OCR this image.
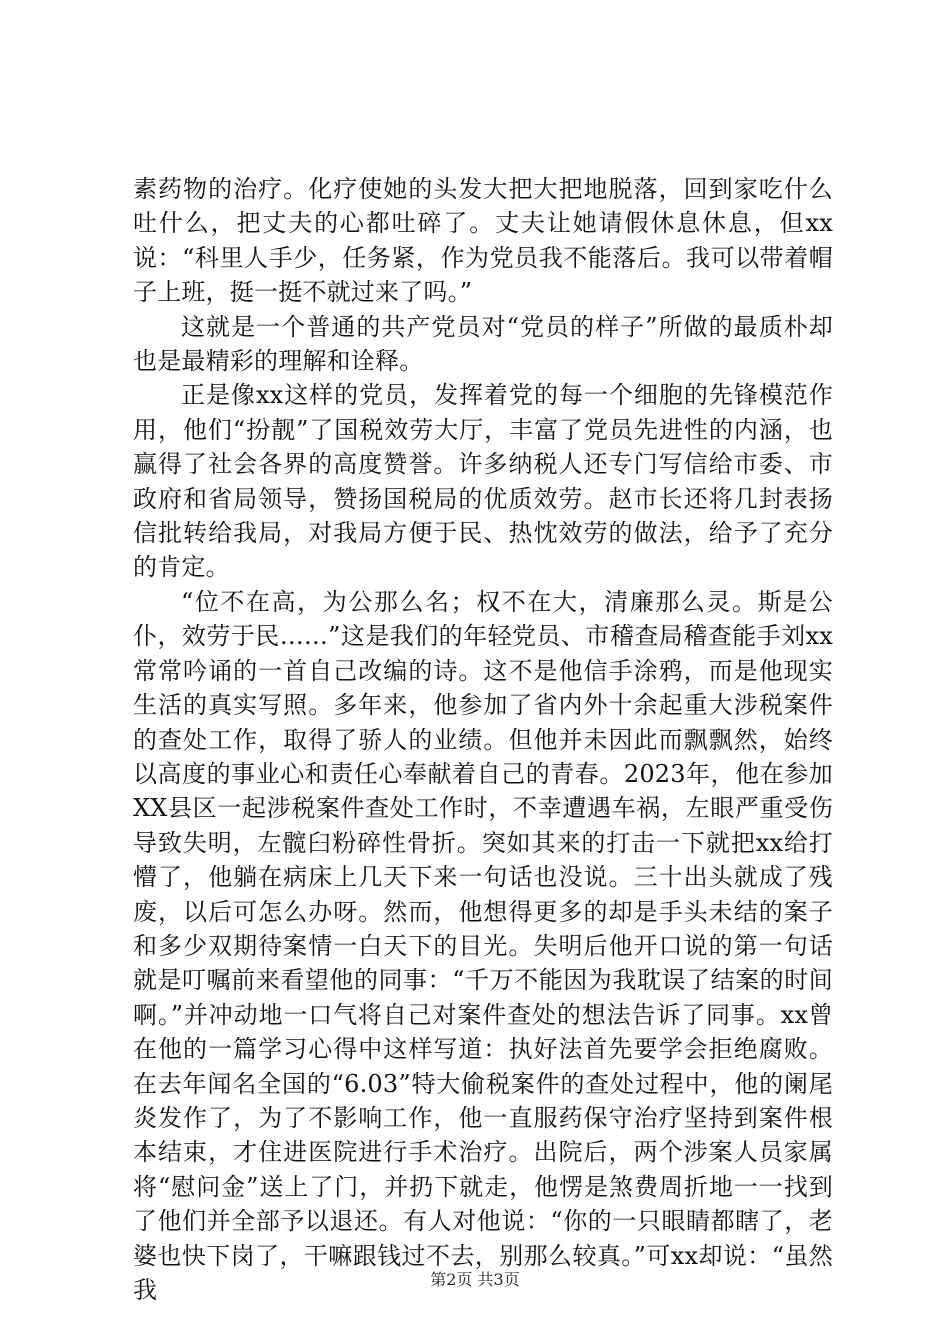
素药物的治疗。化疗使她的头发大把大把地脱落，回到家吃什么吐什么，把丈夫的心都吐碎了。丈夫让她请假休息休息，但xx说：“科里人手少，任务紧，作为党员我不能落后。我可以带着帽子上班，挺一挺不就过来了吗。”

这就是一个普通的共产党员对“党员的样子”所做的最质朴却也是最精彩的理解和诠释。

正是像xx这样的党员，发挥着党的每一个细胞的先锋模范作用，他们“扮靓”了国税效劳大厅，丰富了党员先进性的内涵，也赢得了社会各界的高度赞誉。许多纳税人还专门写信给市委、市政府和省局领导，赞扬国税局的优质效劳。赵市长还将几封表扬信批转给我局，对我局方便于民、热忱效劳的做法，给予了充分的肯定。

“位不在高，为公那么名；权不在大，清廉那么灵。斯是公仆，效劳于民……”这是我们的年轻党员、市稽查局稽查能手刘xx常常吟诵的一首自己改编的诗。这不是他信手涂鸦，而是他现实生活的真实写照。多年来，他参加了省内外十余起重大涉税案件的查处工作，取得了骄人的业绩。但他并未因此而飘飘然，始终以高度的事业心和责任心奉献着自己的青春。2023年，他在参加XX县区一起涉税案件查处工作时，不幸遭遇车祸，左眼严重受伤导致失明，左髋臼粉碎性骨折。突如其来的打击一下就把xx给打懵了，他躺在病床上几天下来一句话也没说。三十出头就成了残废，以后可怎么办呀。然而，他想得更多的却是手头未结的案子和多少双期待案情一白天下的目光。失明后他开口说的第一句话就是叮嘱前来看望他的同事：“千万不能因为我耽误了结案的时间啊。”并冲动地一口气将自己对案件查处的想法告诉了同事。xx曾在他的一篇学习心得中这样写道：执好法首先要学会拒绝腐败。在去年闻名全国的“6.03”特大偷税案件的查处过程中，他的阑尾炎发作了，为了不影响工作，他一直服药保守治疗坚持到案件根本结束，才住进医院进行手术治疗。出院后，两个涉案人员家属将“慰问金”送上了门，并扔下就走，他愣是煞费周折地一一找到了他们并全部予以退还。有人对他说：“你的一只眼睛都瞎了，老婆也快下岗了，干嘛跟钱过不去，别那么较真。”可xx却说：“虽然我	第2页 共3页
